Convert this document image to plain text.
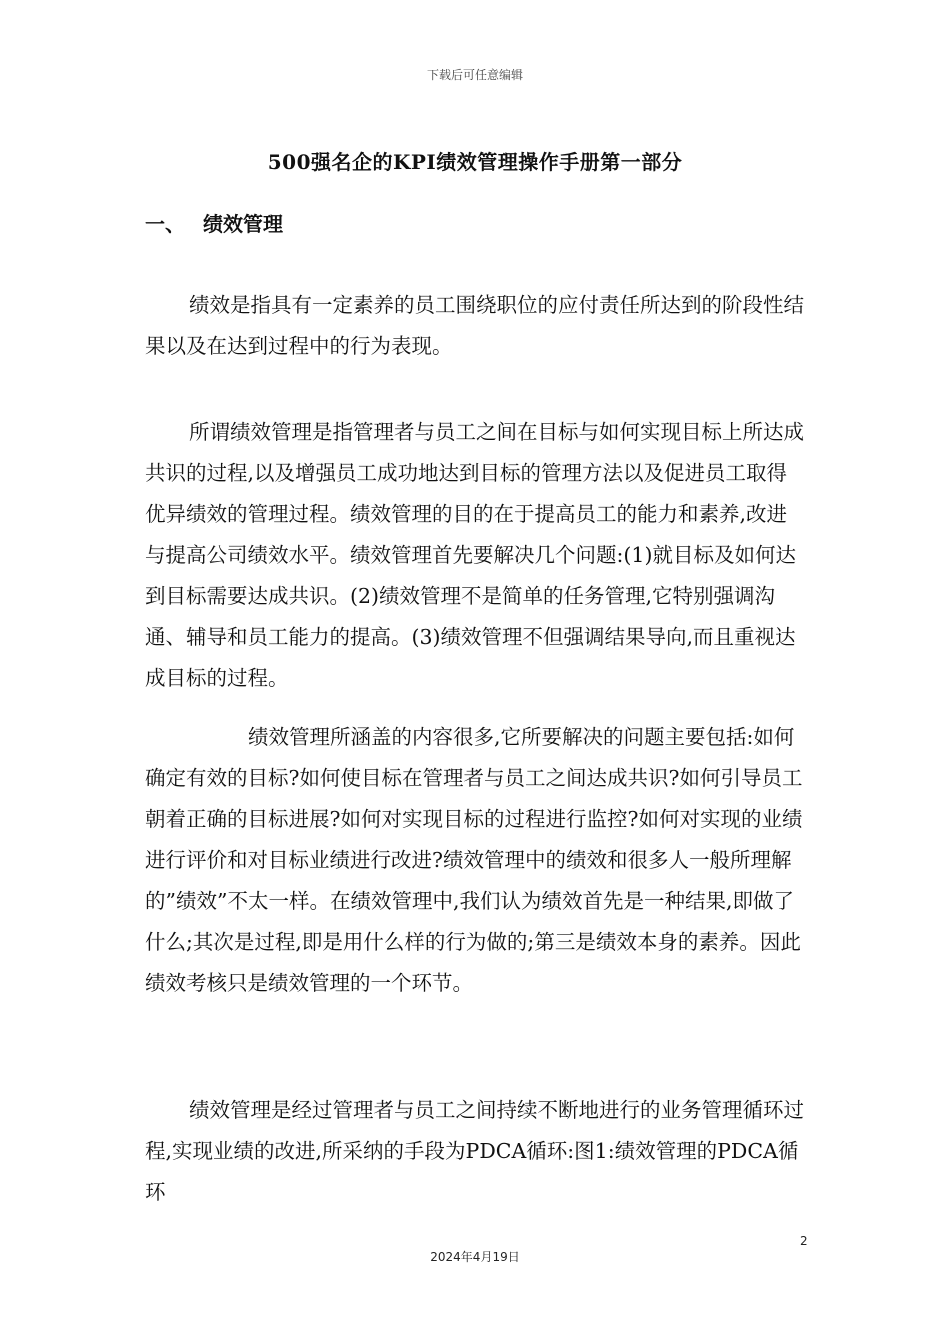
下载后可任意编辑
500强名企的KPI绩效管理操作手册第一部分
一、 绩效管理

绩效是指具有一定素养的员工围绕职位的应付责任所达到的阶段性结果以及在达到过程中的行为表现。

所谓绩效管理是指管理者与员工之间在目标与如何实现目标上所达成共识的过程,以及增强员工成功地达到目标的管理方法以及促进员工取得优异绩效的管理过程。绩效管理的目的在于提高员工的能力和素养,改进与提高公司绩效水平。绩效管理首先要解决几个问题:(1)就目标及如何达到目标需要达成共识。(2)绩效管理不是简单的任务管理,它特别强调沟通、辅导和员工能力的提高。(3)绩效管理不但强调结果导向,而且重视达成目标的过程。

绩效管理所涵盖的内容很多,它所要解决的问题主要包括:如何确定有效的目标?如何使目标在管理者与员工之间达成共识?如何引导员工朝着正确的目标进展?如何对实现目标的过程进行监控?如何对实现的业绩进行评价和对目标业绩进行改进?绩效管理中的绩效和很多人一般所理解的”绩效”不太一样。在绩效管理中,我们认为绩效首先是一种结果,即做了什么;其次是过程,即是用什么样的行为做的;第三是绩效本身的素养。因此绩效考核只是绩效管理的一个环节。

绩效管理是经过管理者与员工之间持续不断地进行的业务管理循环过程,实现业绩的改进,所采纳的手段为PDCA循环:图1:绩效管理的PDCA循环

2
2024年4月19日
